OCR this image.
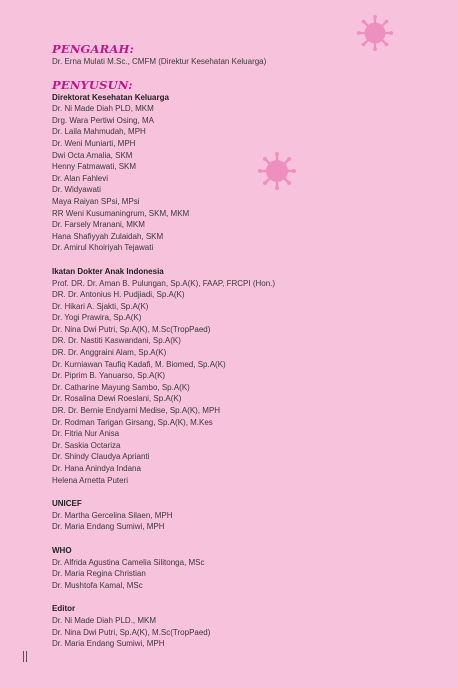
PENGARAH:

Dr. Erna Mulati M.Sc., CMFM (Direktur Kesehatan Keluarga)

PENYUSUN:

Direktorat Kesehatan Keluarga

Dr. Ni Made Diah PLD, MKM

Drg. Wara Pertiwi Osing, MA

Dr. Laila Mahmudah, MPH

Dr. Weni Muniarti, MPH

Dwi Octa Amalia, SKM

Henny Fatmawati, SKM

Dr. Alan Fahlevi

Dr. Widyawati

Maya Raiyan SPsi, MPsi

RR Weni Kusumaningrum, SKM, MKM

Dr. Farsely Mranani, MKM

Hana Shafiyyah Zulaidah, SKM

Dr. Amirul Khoiriyah Tejawati

Ikatan Dokter Anak Indonesia

Prof. DR. Dr. Aman B. Pulungan, Sp.A(K), FAAP, FRCPI (Hon.)

DR. Dr. Antonius H. Pudjiadi, Sp.A(K)

Dr. Hikari A. Sjakti, Sp.A(K)

Dr. Yogi Prawira, Sp.A(K)

Dr. Nina Dwi Putri, Sp.A(K), M.Sc(TropPaed)

DR. Dr. Nastiti Kaswandani, Sp.A(K)

DR. Dr. Anggraini Alam, Sp.A(K)

Dr. Kurniawan Taufiq Kadafi, M. Biomed, Sp.A(K)

Dr. Piprim B. Yanuarso, Sp.A(K)

Dr. Catharine Mayung Sambo, Sp.A(K)

Dr. Rosalina Dewi Roeslani, Sp.A(K)

DR. Dr. Bernie Endyarni Medise, Sp.A(K), MPH

Dr. Rodman Tarigan Girsang, Sp.A(K), M.Kes

Dr. Fitria Nur Anisa

Dr. Saskia Octariza

Dr. Shindy Claudya Aprianti

Dr. Hana Anindya Indana

Helena Arnetta Puteri

UNICEF

Dr. Martha Gercelina Silaen, MPH

Dr. Maria Endang Sumiwi, MPH

WHO

Dr. Alfrida Agustina Camelia Silitonga, MSc

Dr. Maria Regina Christian

Dr. Mushtofa Kamal, MSc

Editor

Dr. Ni Made Diah PLD., MKM

Dr. Nina Dwi Putri, Sp.A(K), M.Sc(TropPaed)

Dr. Maria Endang Sumiwi, MPH
